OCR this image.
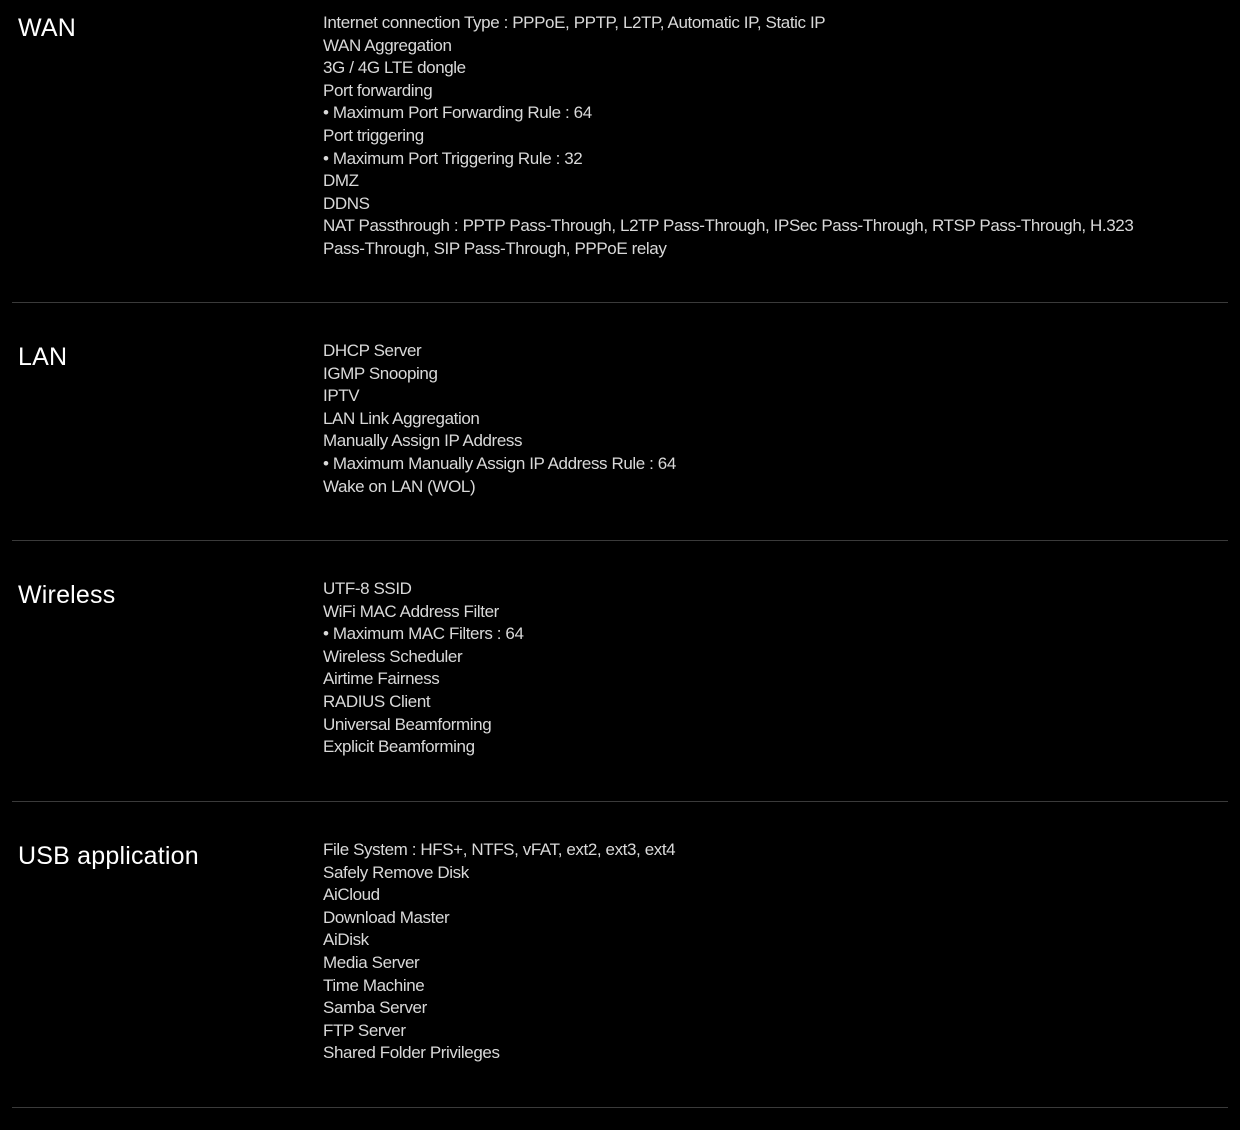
WAN	Internet connection Type : PPPoE, PPTP, L2TP, Automatic IP, Static IP
WAN Aggregation
3G / 4G LTE dongle
Port forwarding
• Maximum Port Forwarding Rule : 64
Port triggering
• Maximum Port Triggering Rule : 32
DMZ
DDNS
NAT Passthrough : PPTP Pass-Through, L2TP Pass-Through, IPSec Pass-Through, RTSP Pass-Through, H.323 Pass-Through, SIP Pass-Through, PPPoE relay
LAN	DHCP Server
IGMP Snooping
IPTV
LAN Link Aggregation
Manually Assign IP Address
• Maximum Manually Assign IP Address Rule : 64
Wake on LAN (WOL)
Wireless	UTF-8 SSID
WiFi MAC Address Filter
• Maximum MAC Filters : 64
Wireless Scheduler
Airtime Fairness
RADIUS Client
Universal Beamforming
Explicit Beamforming
USB application	File System : HFS+, NTFS, vFAT, ext2, ext3, ext4
Safely Remove Disk
AiCloud
Download Master
AiDisk
Media Server
Time Machine
Samba Server
FTP Server
Shared Folder Privileges
